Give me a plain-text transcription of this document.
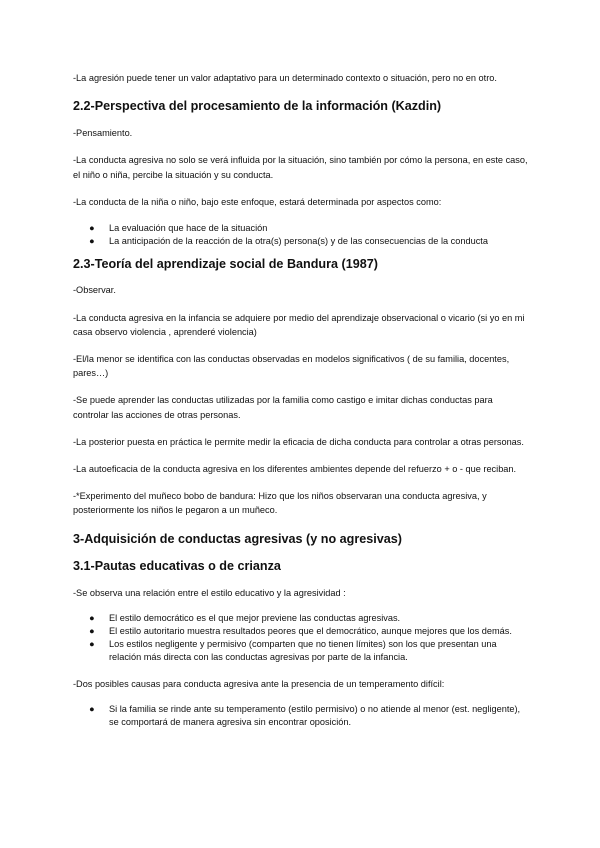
-La agresión puede tener un valor adaptativo para un determinado contexto o situación, pero no en otro.

2.2-Perspectiva del procesamiento de la información (Kazdin)

-Pensamiento.

-La conducta agresiva no solo se verá influida por la situación, sino también por cómo la persona, en este caso, el niño o niña, percibe la situación y su conducta.

-La conducta de la niña o niño, bajo este enfoque, estará determinada por aspectos como:

● La evaluación que hace de la situación
● La anticipación de la reacción de la otra(s) persona(s) y de las consecuencias de la conducta
2.3-Teoría del aprendizaje social de Bandura (1987)

-Observar.

-La conducta agresiva en la infancia se adquiere por medio del aprendizaje observacional o vicario (si yo en mi casa observo violencia , aprenderé violencia)

-El/la menor se identifica con las conductas observadas en modelos significativos ( de su familia, docentes, pares…)

-Se puede aprender las conductas utilizadas por la familia como castigo e imitar dichas conductas para controlar las acciones de otras personas.

-La posterior puesta en práctica le permite medir la eficacia de dicha conducta para controlar a otras personas.

-La autoeficacia de la conducta agresiva en los diferentes ambientes depende del refuerzo + o - que reciban.

-*Experimento del muñeco bobo de bandura: Hizo que los niños observaran una conducta agresiva, y posteriormente los niños le pegaron a un muñeco.

3-Adquisición de conductas agresivas (y no agresivas)
3.1-Pautas educativas o de crianza

-Se observa una relación entre el estilo educativo y la agresividad :

● El estilo democrático es el que mejor previene las conductas agresivas.
● El estilo autoritario muestra resultados peores que el democrático, aunque mejores que los demás.
● Los estilos negligente y permisivo (comparten que no tienen límites) son los que presentan una relación más directa con las conductas agresivas por parte de la infancia.

-Dos posibles causas para conducta agresiva ante la presencia de un temperamento difícil:

● Si la familia se rinde ante su temperamento (estilo permisivo) o no atiende al menor (est. negligente), se comportará de manera agresiva sin encontrar oposición.
